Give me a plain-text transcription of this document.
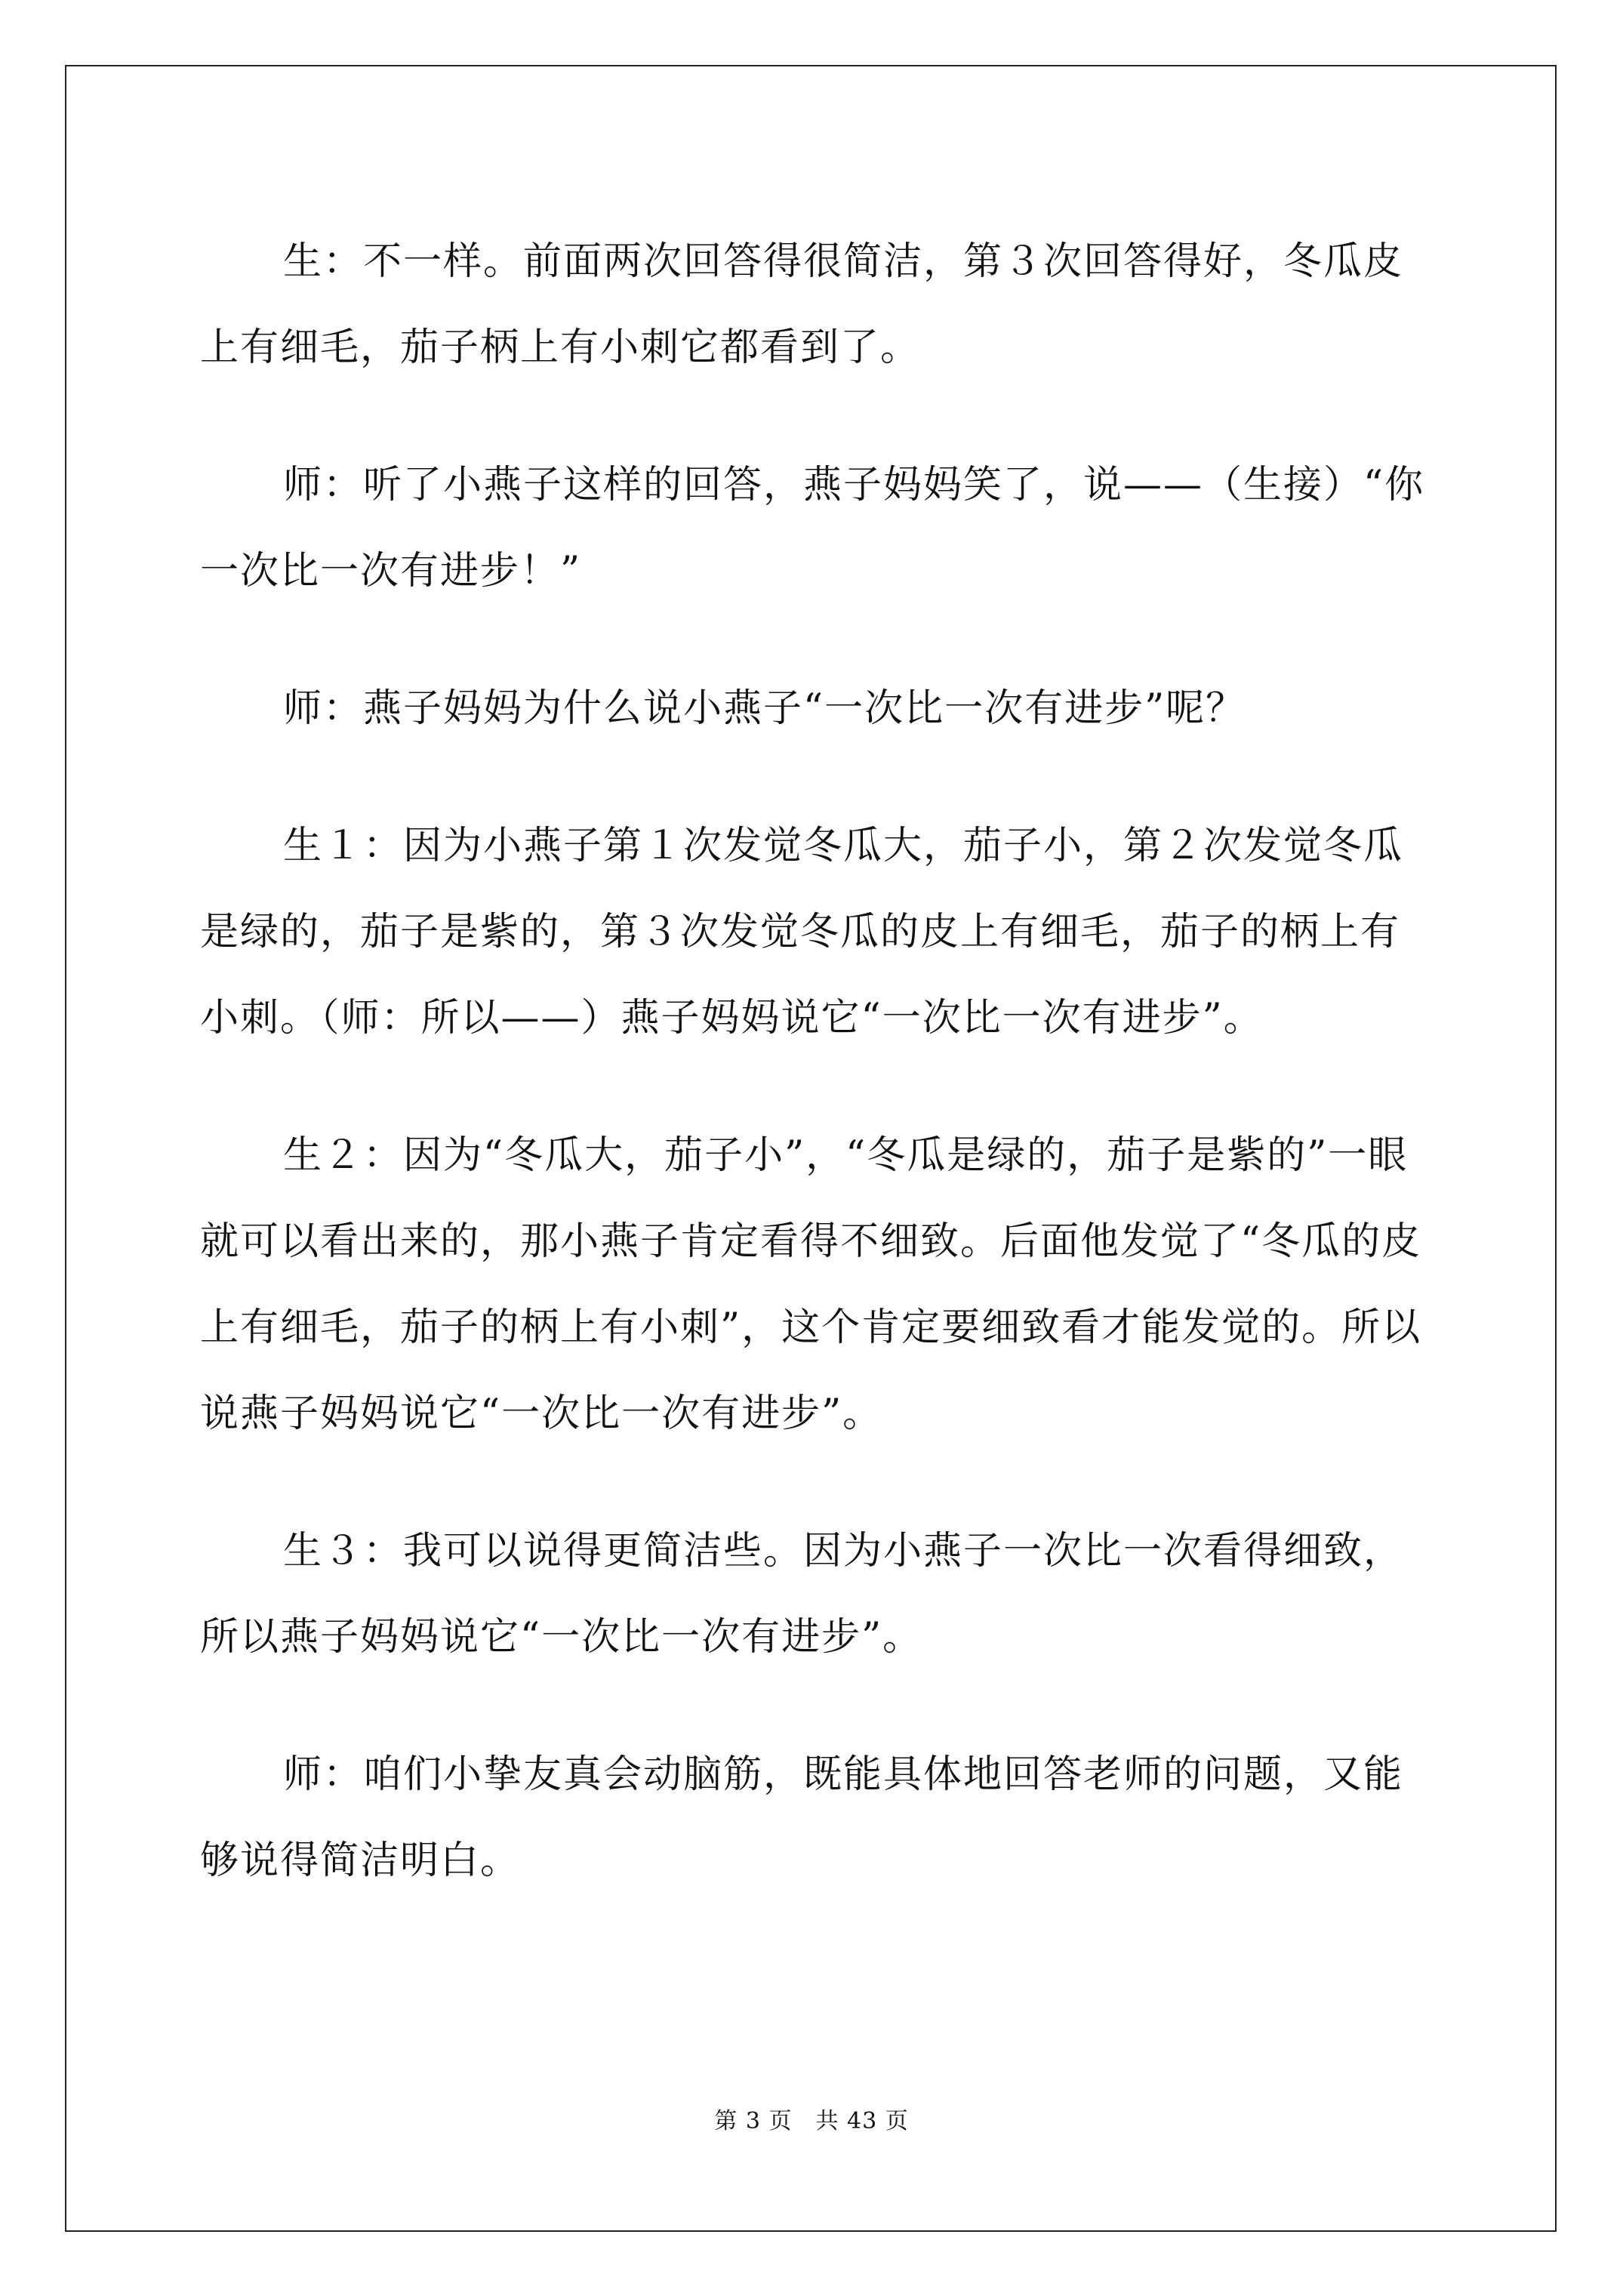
生：不一样。前面两次回答得很简洁，第３次回答得好，冬瓜皮上有细毛，茄子柄上有小刺它都看到了。

师：听了小燕子这样的回答，燕子妈妈笑了，说——（生接）“你一次比一次有进步！”

师：燕子妈妈为什么说小燕子“一次比一次有进步”呢？

生１：因为小燕子第１次发觉冬瓜大，茄子小，第２次发觉冬瓜是绿的，茄子是紫的，第３次发觉冬瓜的皮上有细毛，茄子的柄上有小刺。（师：所以——）燕子妈妈说它“一次比一次有进步”。

生２：因为“冬瓜大，茄子小”，“冬瓜是绿的，茄子是紫的”一眼就可以看出来的，那小燕子肯定看得不细致。后面他发觉了“冬瓜的皮上有细毛，茄子的柄上有小刺”，这个肯定要细致看才能发觉的。所以说燕子妈妈说它“一次比一次有进步”。

生３：我可以说得更简洁些。因为小燕子一次比一次看得细致，所以燕子妈妈说它“一次比一次有进步”。

师：咱们小挚友真会动脑筋，既能具体地回答老师的问题，又能够说得简洁明白。

第 3 页　共 43 页
